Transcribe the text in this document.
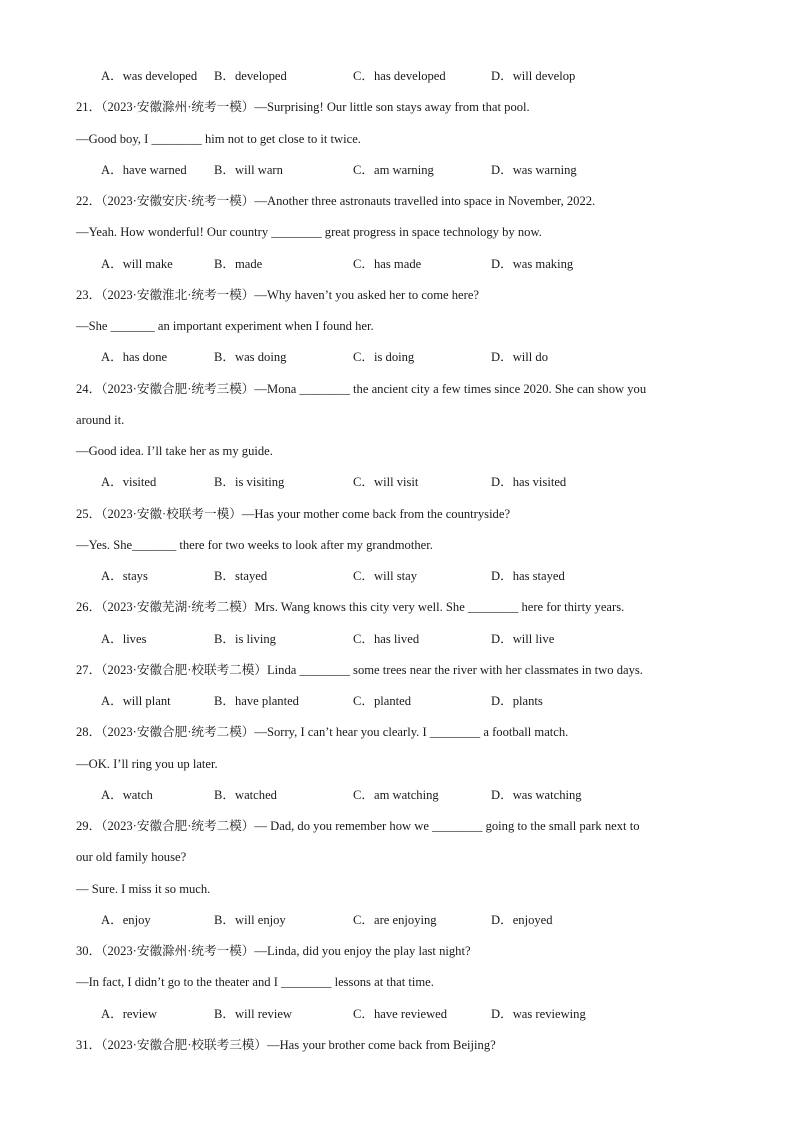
A．was developed B．developed	C．has developed	D．will develop
21．（2023·安徽滁州·统考一模）—Surprising! Our little son stays away from that pool.
—Good boy, I ________ him not to get close to it twice.
A．have warned B．will warn	C．am warning	D．was warning
22．（2023·安徽安庆·统考一模）—Another three astronauts travelled into space in November, 2022.
—Yeah. How wonderful! Our country ________ great progress in space technology by now.
A．will make	B．made	C．has made	D．was making
23．（2023·安徽淮北·统考一模）—Why haven’t you asked her to come here?
—She _______ an important experiment when I found her.
A．has done	B．was doing	C．is doing	D．will do
24．（2023·安徽合肥·统考三模）—Mona ________ the ancient city a few times since 2020. She can show you
around it.
—Good idea. I’ll take her as my guide.
A．visited	B．is visiting	C．will visit	D．has visited
25．（2023·安徽·校联考一模）—Has your mother come back from the countryside?
—Yes. She_______ there for two weeks to look after my grandmother.
A．stays	B．stayed	C．will stay	D．has stayed
26．（2023·安徽芜湖·统考二模）Mrs. Wang knows this city very well. She ________ here for thirty years.
A．lives	B．is living	C．has lived	D．will live
27．（2023·安徽合肥·校联考二模）Linda ________ some trees near the river with her classmates in two days.
A．will plant	B．have planted	C．planted	D．plants
28．（2023·安徽合肥·统考二模）—Sorry, I can’t hear you clearly. I ________ a football match.
—OK. I’ll ring you up later.
A．watch	B．watched	C．am watching	D．was watching
29．（2023·安徽合肥·统考二模）— Dad, do you remember how we ________ going to the small park next to
our old family house?
— Sure. I miss it so much.
A．enjoy	B．will enjoy	C．are enjoying	D．enjoyed
30．（2023·安徽滁州·统考一模）—Linda, did you enjoy the play last night?
—In fact, I didn’t go to the theater and I ________ lessons at that time.
A．review	B．will review	C．have reviewed	D．was reviewing
31．（2023·安徽合肥·校联考三模）—Has your brother come back from Beijing?
